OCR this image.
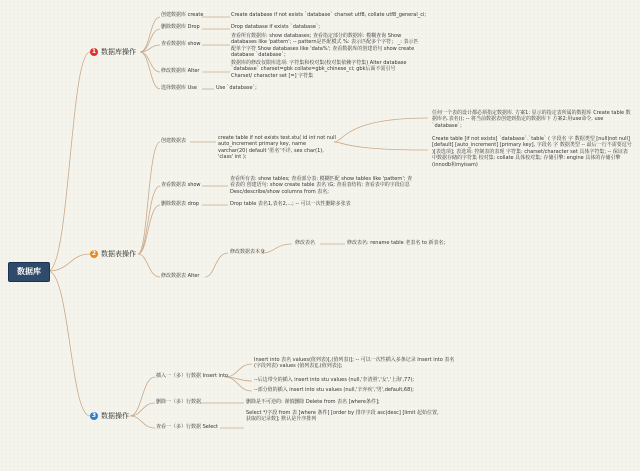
数据库
1 数据库操作
创建数据库 create	Create database if not exists `database` charset utf8, collate utf8_general_ci;
删除数据库 Drop	Drop database if exists `database`;
查看数据库 show
查看所有数据库: show databases; 查看指定部分的数据库: 模糊查询 Show databases like 'pattern'; -- pattern是匹配模式 %: 表示匹配多个字符； _: 表示匹配单个字符 Show databases like 'data%'; 查看数据库的创建语句 show create database `database`;
修改数据库 Alter
数据库的修改仅限库选项: 字符集和校对集(校对集依赖字符集) Alter database `database` charset=gbk collate=gbk_chinese_ci; gbk后面不需引号 Charset/ character set [=] 字符集
选择数据库 Use	Use `database`;
2 数据表操作
创建数据表	create table if not exists test.stu( id int not null auto_increment primary key, name varchar(20) default '匿名'不详, sex char(1), 'class' int );
任何一个表的设计都必须指定数据库. 方案1: 显示的指定表所属的数据库 Create table 数据库名.表名(); -- 将当前数据表创建到指定的数据库下 方案2:用use命令, use `database`;
Create table [if not exists] `database`.`table` ( 字段名 字 数据类型 [null|not null] [default] [auto_increment] [primary key], 字段名 字 数据类型 -- 最后一行不需要逗号 )[表选项]; 表选项: 控制表的表现 字符集: charset/character set 具体字符集; -- 保证表中数据存储的字符集 校对集: collate 具体校对集; 存储引擎: engine 具体的存储引擎(innodb和myisam)
查看数据表 show
查看所有表: show tables; 查看部分表: 模糊匹配 show tables like 'pattern'; 查看表的 创建语句: show create table 表名 \G; 查看表结构: 查看表中的字段信息 Desc/describe/show columns from 表名;
删除数据表 drop	Drop table 表名1,表名2,...; -- 可以一次性删除多张表
修改数据表 Alter
修改数据表本身
修改表名	修改表名: rename table 老表名 to 新表名;
3 数据操作
插入一（多）行数据 Insert into
Insert into 表名 values(值列表)[,(值列表)]; -- 可以一次性插入多条记录 Insert into 表名 (字段列表) values (值列表)[,(值列表)];
--后边带全的插入 insert into stu values (null,'李清照','女','上海',77);
--部分值的插入 insert into stu values (null,'辛弃疾','男',default,68);
删除一（多）行数据	删除是不可逆的: 谨慎删除 Delete from 表名 [where条件];
查看一（多）行数据 Select
Select */字段 from 表 [where 条件] [order by 排序字段 asc|desc] [limit 起始位置，获取的记录数]; 默认是升序排列
